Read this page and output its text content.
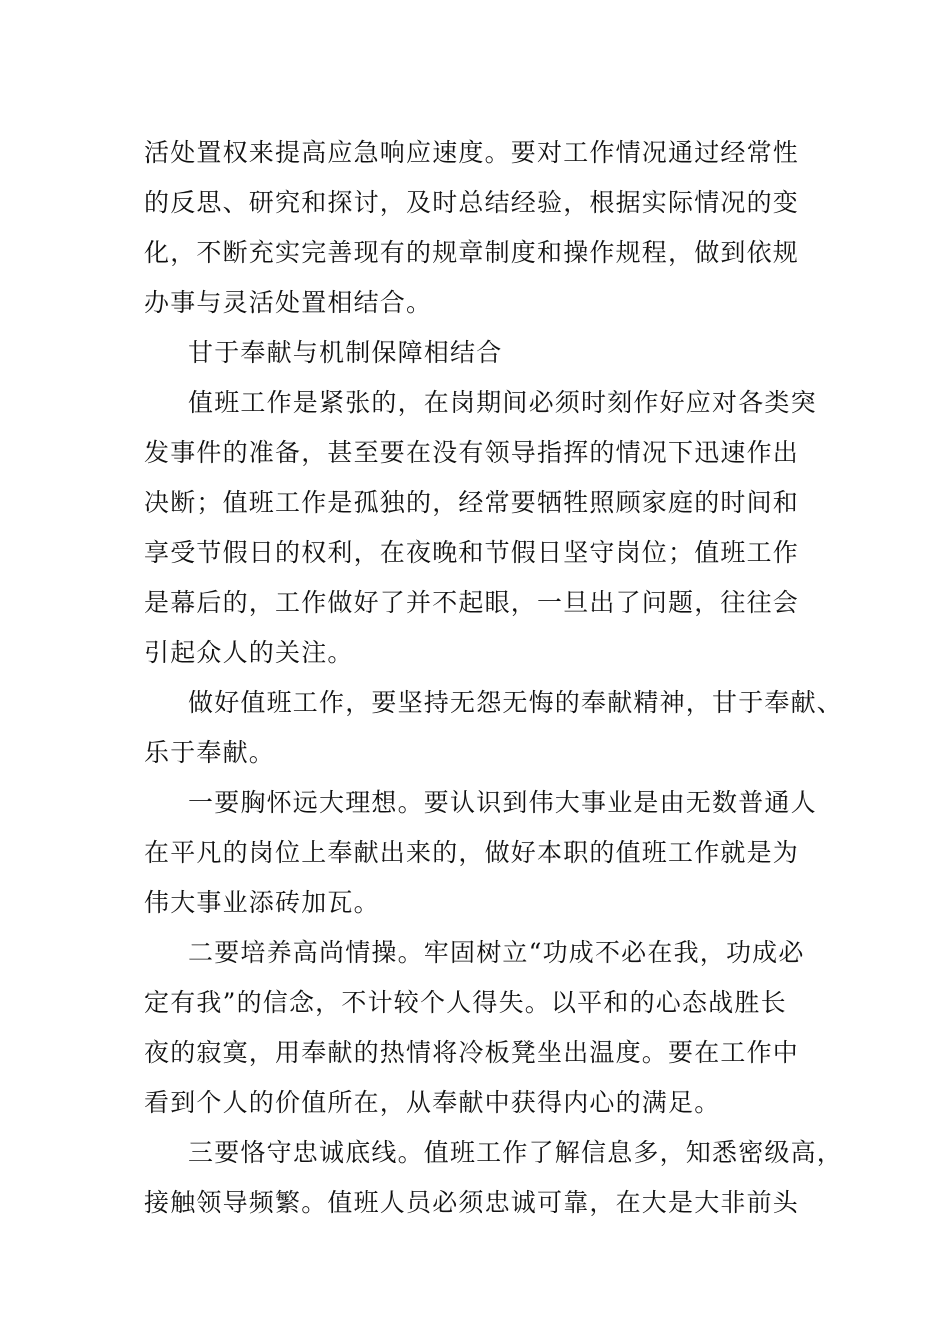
活处置权来提高应急响应速度。要对工作情况通过经常性
的反思、研究和探讨，及时总结经验，根据实际情况的变
化，不断充实完善现有的规章制度和操作规程，做到依规
办事与灵活处置相结合。
甘于奉献与机制保障相结合
值班工作是紧张的，在岗期间必须时刻作好应对各类突
发事件的准备，甚至要在没有领导指挥的情况下迅速作出
决断；值班工作是孤独的，经常要牺牲照顾家庭的时间和
享受节假日的权利，在夜晚和节假日坚守岗位；值班工作
是幕后的，工作做好了并不起眼，一旦出了问题，往往会
引起众人的关注。
做好值班工作，要坚持无怨无悔的奉献精神，甘于奉献、
乐于奉献。
一要胸怀远大理想。要认识到伟大事业是由无数普通人
在平凡的岗位上奉献出来的，做好本职的值班工作就是为
伟大事业添砖加瓦。
二要培养高尚情操。牢固树立“功成不必在我，功成必
定有我”的信念，不计较个人得失。以平和的心态战胜长
夜的寂寞，用奉献的热情将冷板凳坐出温度。要在工作中
看到个人的价值所在，从奉献中获得内心的满足。
三要恪守忠诚底线。值班工作了解信息多，知悉密级高，
接触领导频繁。值班人员必须忠诚可靠，在大是大非前头
